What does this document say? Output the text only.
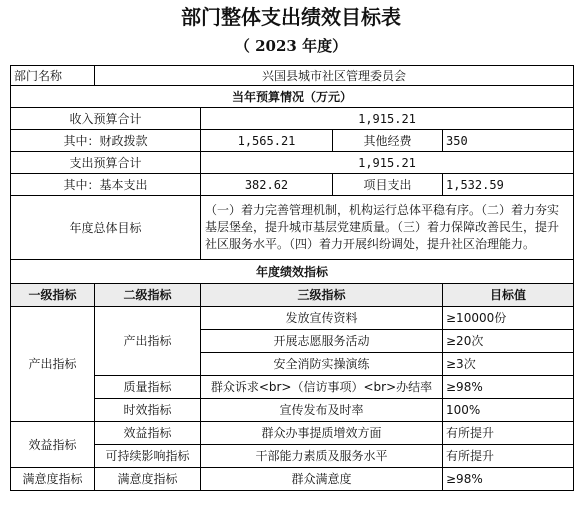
部门整体支出绩效目标表
（ 2023 年度）
部门名称	兴国县城市社区管理委员会			
当年预算情况（万元）				
收入预算合计		1,915.21		
其中：财政拨款		1,565.21	其他经费	350
支出预算合计		1,915.21		
其中：基本支出		382.62	项目支出	1,532.59
年度总体目标		（一）着力完善管理机制，机构运行总体平稳有序。（二）着力夯实基层堡垒，提升城市基层党建质量。（三）着力保障改善民生，提升社区服务水平。（四）着力开展纠纷调处，提升社区治理能力。		
年度绩效指标				
一级指标	二级指标	三级指标		目标值
产出指标	产出指标	发放宣传资料		≥10000份
		开展志愿服务活动		≥20次
		安全消防实操演练		≥3次
	质量指标	群众诉求<br>（信访事项）<br>办结率		≥98%
	时效指标	宣传发布及时率		100%
效益指标	效益指标	群众办事提质增效方面		有所提升
	可持续影响指标	干部能力素质及服务水平		有所提升
满意度指标	满意度指标	群众满意度		≥98%
